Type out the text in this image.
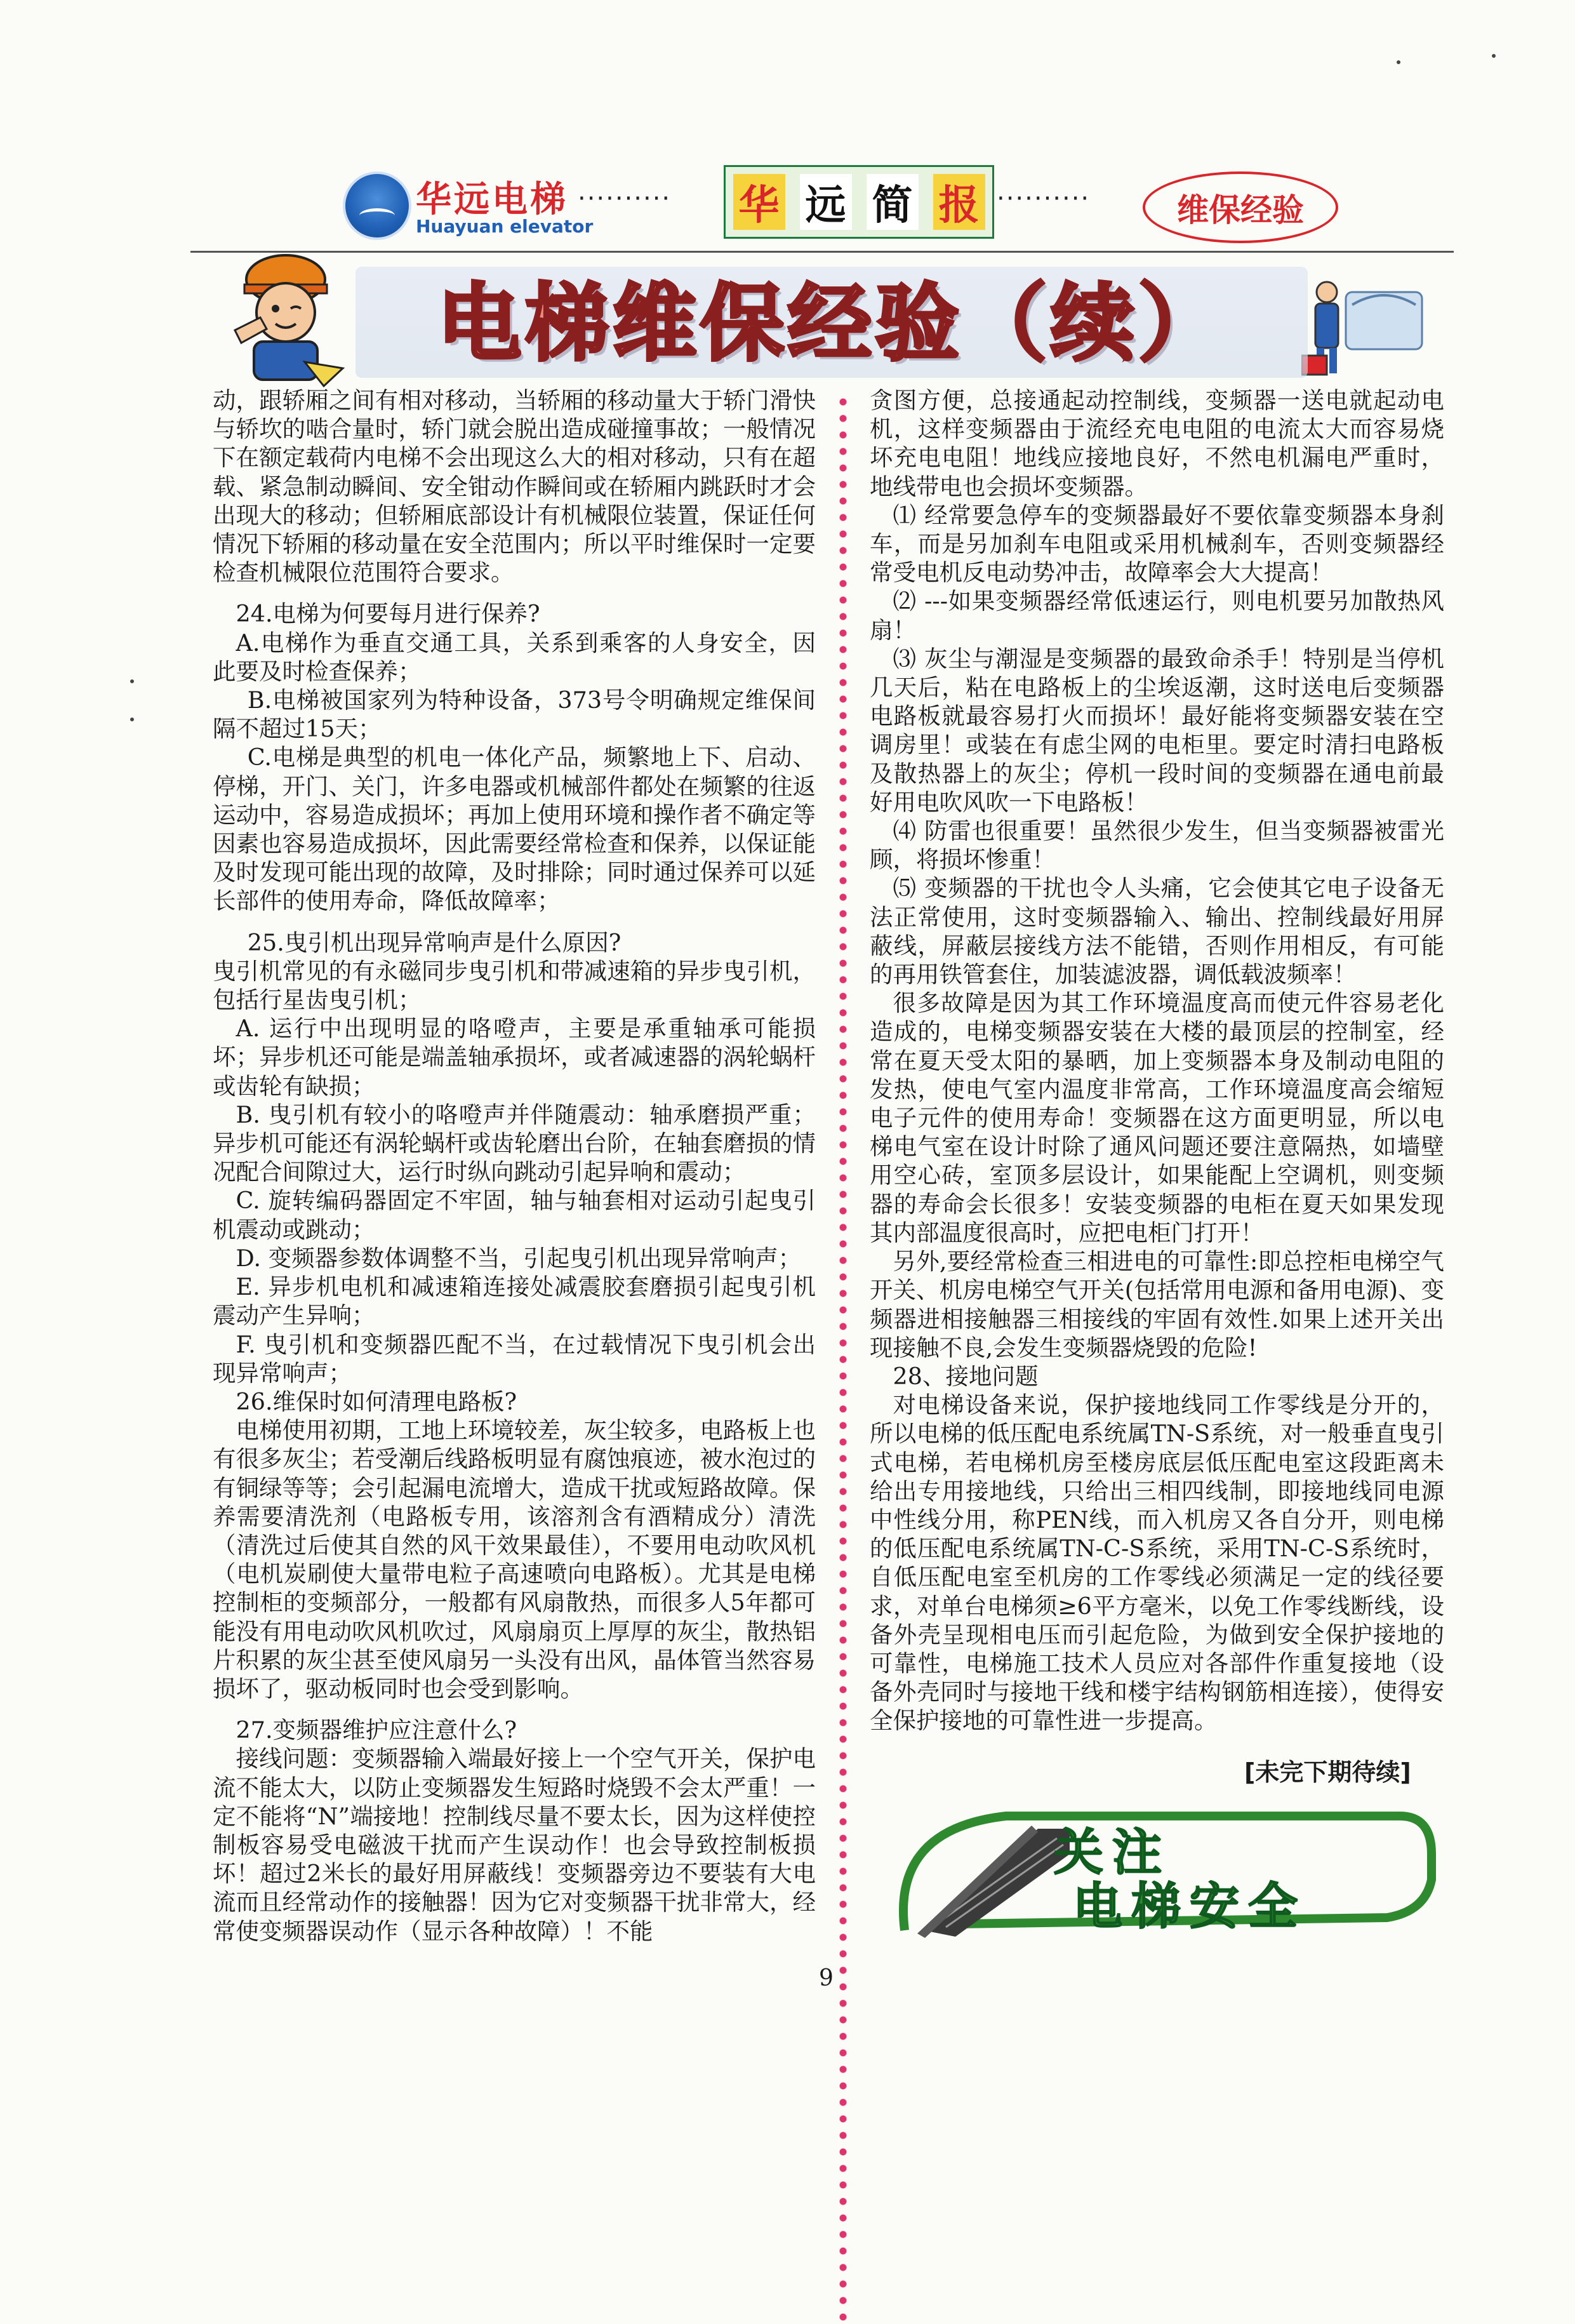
华远电梯
Huayuan elevator
·········· 华 远 简 报 ··········	维保经验
电梯维保经验（续）

动，跟轿厢之间有相对移动，当轿厢的移动量大于轿门滑快与轿坎的啮合量时，轿门就会脱出造成碰撞事故；一般情况下在额定载荷内电梯不会出现这么大的相对移动，只有在超载、紧急制动瞬间、安全钳动作瞬间或在轿厢内跳跃时才会出现大的移动；但轿厢底部设计有机械限位装置，保证任何情况下轿厢的移动量在安全范围内；所以平时维保时一定要检查机械限位范围符合要求。

24.电梯为何要每月进行保养?

A.电梯作为垂直交通工具，关系到乘客的人身安全，因此要及时检查保养；

B.电梯被国家列为特种设备，373号令明确规定维保间隔不超过15天；

C.电梯是典型的机电一体化产品，频繁地上下、启动、停梯，开门、关门，许多电器或机械部件都处在频繁的往返运动中，容易造成损坏；再加上使用环境和操作者不确定等因素也容易造成损坏，因此需要经常检查和保养，以保证能及时发现可能出现的故障，及时排除；同时通过保养可以延长部件的使用寿命，降低故障率；

25.曳引机出现异常响声是什么原因?

曳引机常见的有永磁同步曳引机和带减速箱的异步曳引机，包括行星齿曳引机；

A. 运行中出现明显的咯噔声，主要是承重轴承可能损坏；异步机还可能是端盖轴承损坏，或者减速器的涡轮蜗杆或齿轮有缺损；

B. 曳引机有较小的咯噔声并伴随震动：轴承磨损严重；异步机可能还有涡轮蜗杆或齿轮磨出台阶，在轴套磨损的情况配合间隙过大，运行时纵向跳动引起异响和震动；

C. 旋转编码器固定不牢固，轴与轴套相对运动引起曳引机震动或跳动；

D. 变频器参数体调整不当，引起曳引机出现异常响声；

E. 异步机电机和减速箱连接处减震胶套磨损引起曳引机震动产生异响；

F. 曳引机和变频器匹配不当，在过载情况下曳引机会出现异常响声；

26.维保时如何清理电路板?

电梯使用初期，工地上环境较差，灰尘较多，电路板上也有很多灰尘；若受潮后线路板明显有腐蚀痕迹，被水泡过的有铜绿等等；会引起漏电流增大，造成干扰或短路故障。保养需要清洗剂（电路板专用，该溶剂含有酒精成分）清洗（清洗过后使其自然的风干效果最佳），不要用电动吹风机（电机炭刷使大量带电粒子高速喷向电路板）。尤其是电梯控制柜的变频部分，一般都有风扇散热，而很多人5年都可能没有用电动吹风机吹过，风扇扇页上厚厚的灰尘，散热铝片积累的灰尘甚至使风扇另一头没有出风，晶体管当然容易损坏了，驱动板同时也会受到影响。

27.变频器维护应注意什么?

接线问题：变频器输入端最好接上一个空气开关，保护电流不能太大，以防止变频器发生短路时烧毁不会太严重！一定不能将“N”端接地！控制线尽量不要太长，因为这样使控制板容易受电磁波干扰而产生误动作！也会导致控制板损坏！超过2米长的最好用屏蔽线！变频器旁边不要装有大电流而且经常动作的接触器！因为它对变频器干扰非常大，经常使变频器误动作（显示各种故障）！不能

贪图方便，总接通起动控制线，变频器一送电就起动电机，这样变频器由于流经充电电阻的电流太大而容易烧坏充电电阻！地线应接地良好，不然电机漏电严重时，地线带电也会损坏变频器。

⑴ 经常要急停车的变频器最好不要依靠变频器本身刹车，而是另加刹车电阻或采用机械刹车，否则变频器经常受电机反电动势冲击，故障率会大大提高！

⑵ ---如果变频器经常低速运行，则电机要另加散热风扇！

⑶ 灰尘与潮湿是变频器的最致命杀手！特别是当停机几天后，粘在电路板上的尘埃返潮，这时送电后变频器电路板就最容易打火而损坏！最好能将变频器安装在空调房里！或装在有虑尘网的电柜里。要定时清扫电路板及散热器上的灰尘；停机一段时间的变频器在通电前最好用电吹风吹一下电路板！

⑷ 防雷也很重要！虽然很少发生，但当变频器被雷光顾，将损坏惨重！

⑸ 变频器的干扰也令人头痛，它会使其它电子设备无法正常使用，这时变频器输入、输出、控制线最好用屏蔽线，屏蔽层接线方法不能错，否则作用相反，有可能的再用铁管套住，加装滤波器，调低载波频率！

很多故障是因为其工作环境温度高而使元件容易老化造成的，电梯变频器安装在大楼的最顶层的控制室，经常在夏天受太阳的暴晒，加上变频器本身及制动电阻的发热，使电气室内温度非常高，工作环境温度高会缩短电子元件的使用寿命！变频器在这方面更明显，所以电梯电气室在设计时除了通风问题还要注意隔热，如墙壁用空心砖，室顶多层设计，如果能配上空调机，则变频器的寿命会长很多！安装变频器的电柜在夏天如果发现其内部温度很高时，应把电柜门打开！

另外,要经常检查三相进电的可靠性:即总控柜电梯空气开关、机房电梯空气开关(包括常用电源和备用电源)、变频器进相接触器三相接线的牢固有效性.如果上述开关出现接触不良,会发生变频器烧毁的危险!

28、接地问题

对电梯设备来说，保护接地线同工作零线是分开的，所以电梯的低压配电系统属TN-S系统，对一般垂直曳引式电梯，若电梯机房至楼房底层低压配电室这段距离未给出专用接地线，只给出三相四线制，即接地线同电源中性线分用，称PEN线，而入机房又各自分开，则电梯的低压配电系统属TN-C-S系统，采用TN-C-S系统时，自低压配电室至机房的工作零线必须满足一定的线径要求，对单台电梯须≥6平方毫米，以免工作零线断线，设备外壳呈现相电压而引起危险，为做到安全保护接地的可靠性，电梯施工技术人员应对各部件作重复接地（设备外壳同时与接地干线和楼宇结构钢筋相连接），使得安全保护接地的可靠性进一步提高。

[未完下期待续]
关注
电梯安全
9
